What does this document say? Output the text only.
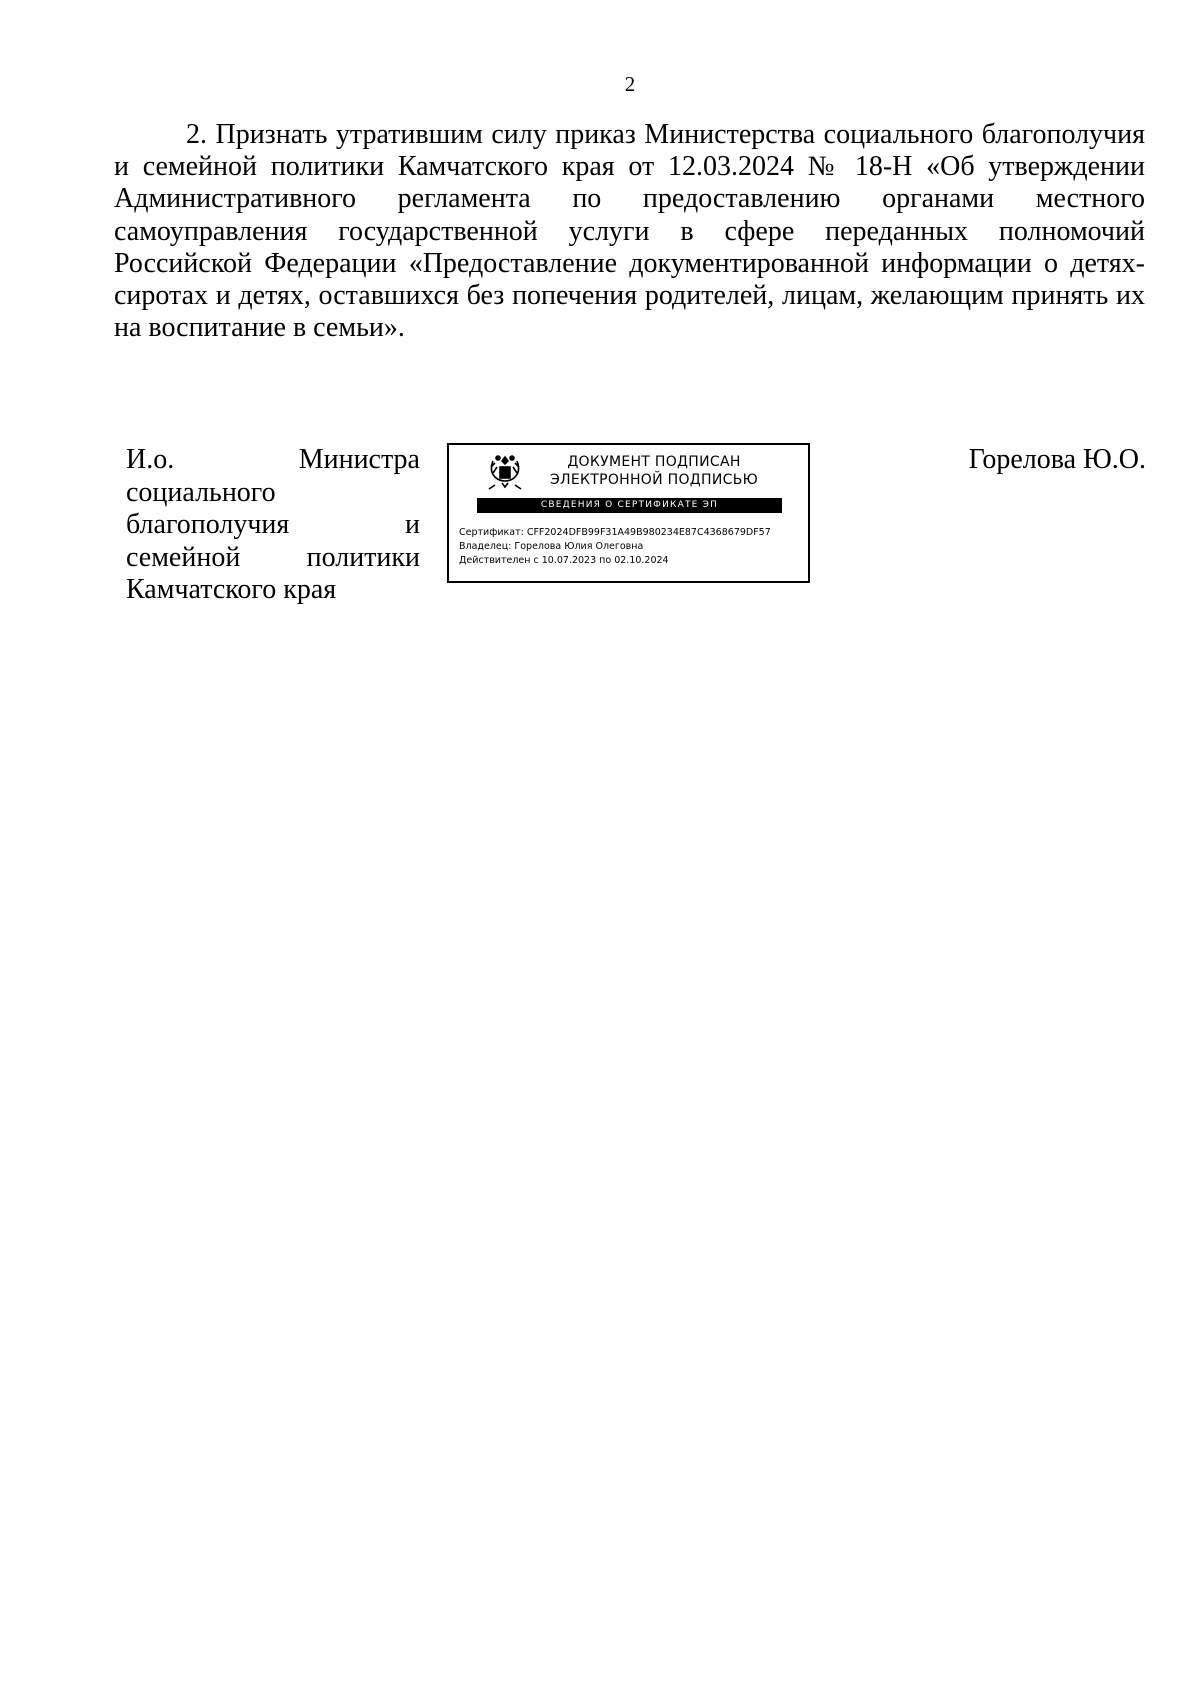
2

2. Признать утратившим силу приказ Министерства социального благополучия и семейной политики Камчатского края от 12.03.2024 № 18-Н «Об утверждении Административного регламента по предоставлению органами местного самоуправления государственной услуги в сфере переданных полномочий Российской Федерации «Предоставление документированной информации о детях-сиротах и детях, оставшихся без попечения родителей, лицам, желающим принять их на воспитание в семьи».

И.о. Министра
социального
благополучия и
семейной политики
Камчатского края
ДОКУМЕНТ ПОДПИСАН
ЭЛЕКТРОННОЙ ПОДПИСЬЮ
СВЕДЕНИЯ О СЕРТИФИКАТЕ ЭП
Сертификат: CFF2024DFB99F31A49B980234E87C4368679DF57
Владелец: Горелова Юлия Олеговна
Действителен с 10.07.2023 по 02.10.2024
Горелова Ю.О.
